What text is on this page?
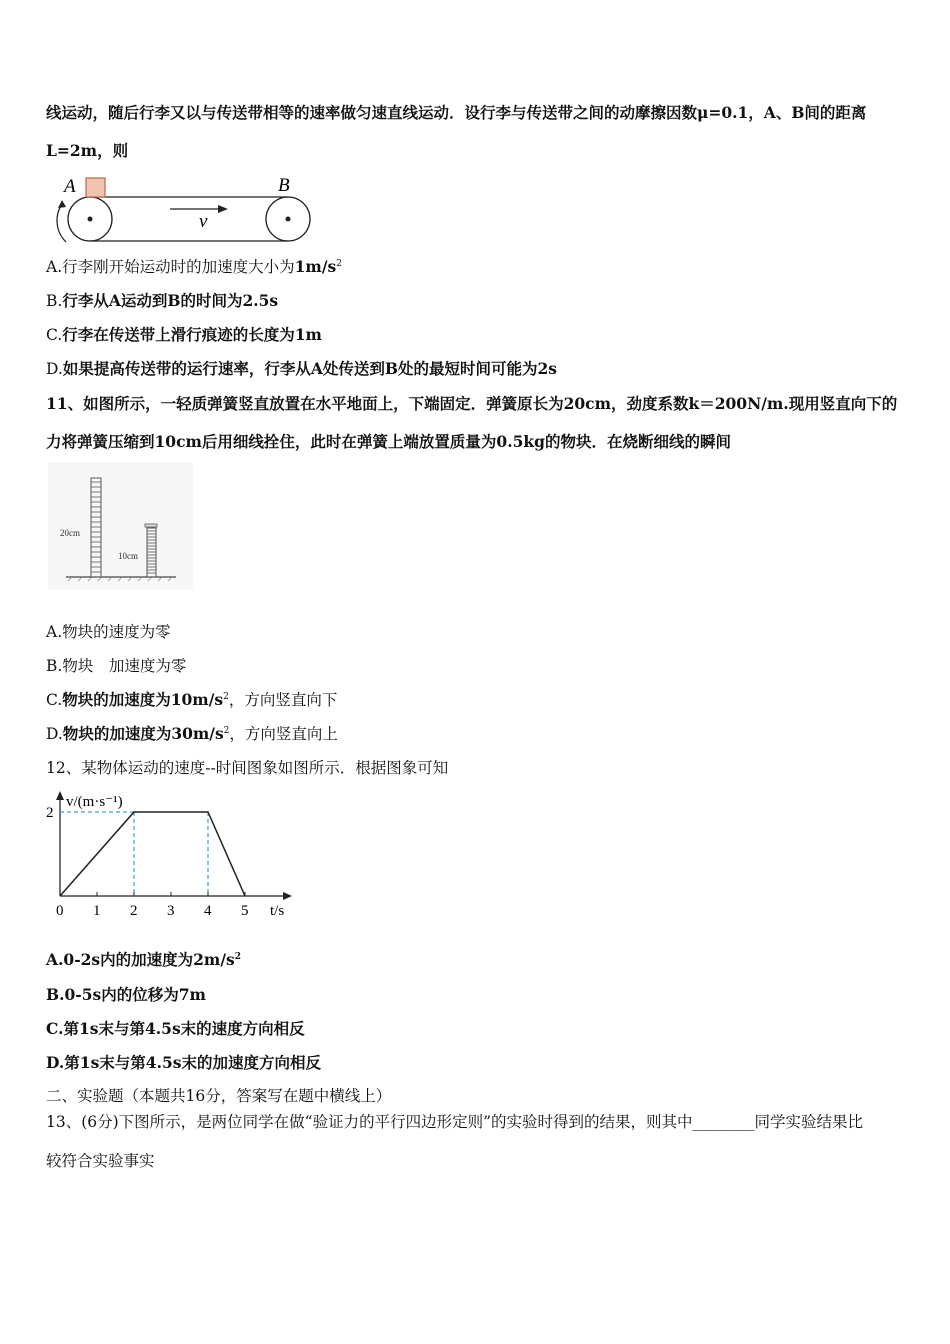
线运动，随后行李又以与传送带相等的速率做匀速直线运动．设行李与传送带之间的动摩擦因数μ=0.1，A、B间的距离
L=2m，则
A	B
v
A.行李刚开始运动时的加速度大小为$1m/s^2$
B.行李从A运动到B的时间为2.5s
C.行李在传送带上滑行痕迹的长度为1m
D.如果提高传送带的运行速率，行李从A处传送到B处的最短时间可能为2s
11、如图所示，一轻质弹簧竖直放置在水平地面上，下端固定．弹簧原长为20cm，劲度系数k＝200N/m.现用竖直向下的
力将弹簧压缩到10cm后用细线拴住，此时在弹簧上端放置质量为0.5kg的物块．在烧断细线的瞬间
20cm
10cm
A.物块的速度为零
B.物块　加速度为零
C.物块的加速度为$10m/s^2$，方向竖直向下
D.物块的加速度为$30m/s^2$，方向竖直向上
12、某物体运动的速度--时间图象如图所示．根据图象可知
0 1 2 3 4 5
2
v/(m·s⁻¹)
t/s
A.0-2s内的加速度为$2m/s^2$
B.0-5s内的位移为7m
C.第1s末与第4.5s末的速度方向相反
D.第1s末与第4.5s末的加速度方向相反
二、实验题（本题共16分，答案写在题中横线上）
13、(6分)下图所示，是两位同学在做“验证力的平行四边形定则”的实验时得到的结果，则其中________同学实验结果比
较符合实验事实
